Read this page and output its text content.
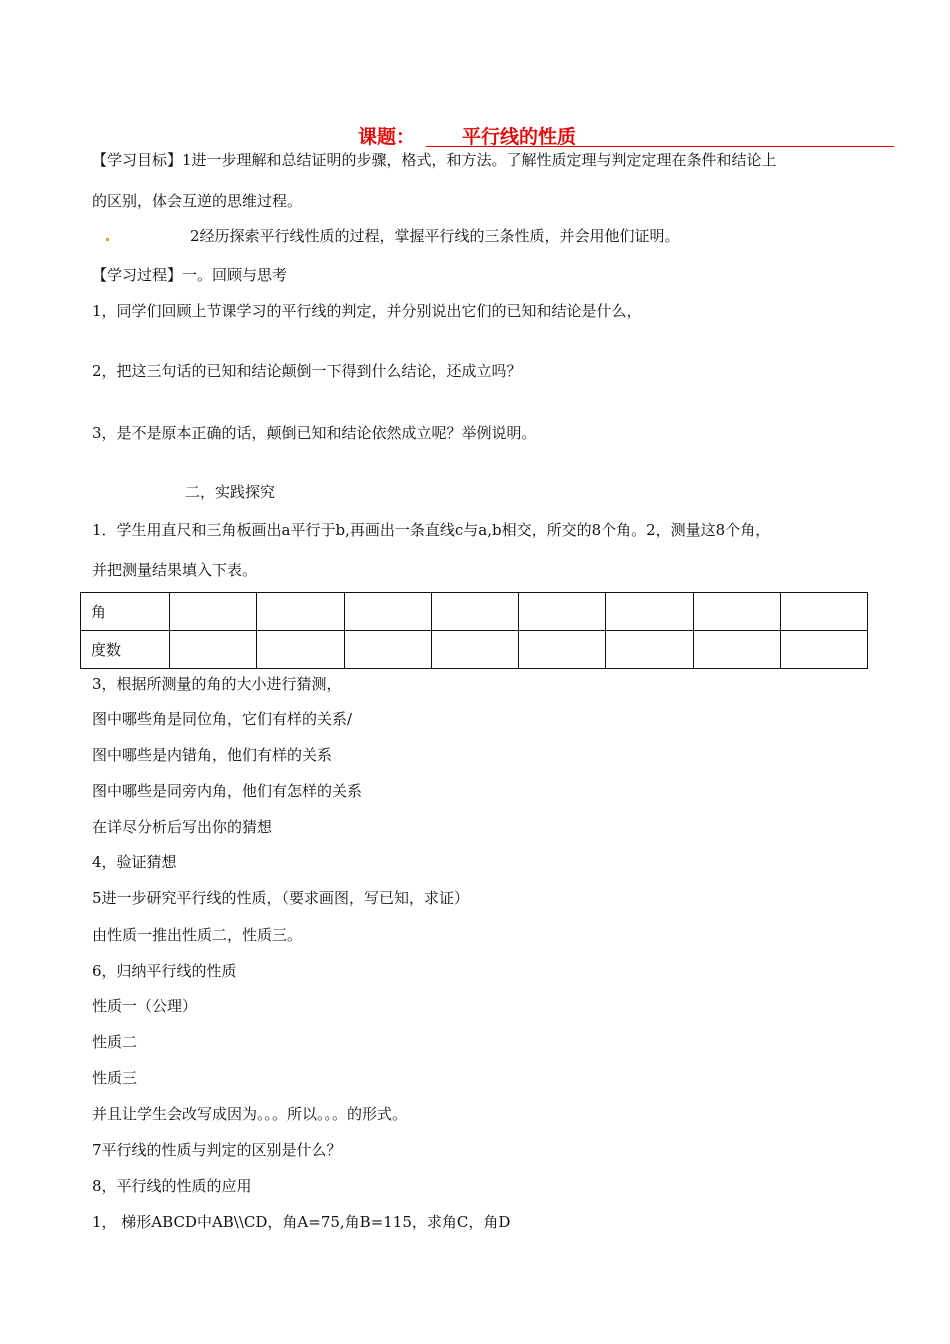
课题： 平行线的性质
【学习目标】1进一步理解和总结证明的步骤，格式，和方法。了解性质定理与判定定理在条件和结论上
的区别，体会互逆的思维过程。
2经历探索平行线性质的过程，掌握平行线的三条性质，并会用他们证明。
【学习过程】一。回顾与思考
1，同学们回顾上节课学习的平行线的判定，并分别说出它们的已知和结论是什么，
2，把这三句话的已知和结论颠倒一下得到什么结论，还成立吗？
3，是不是原本正确的话，颠倒已知和结论依然成立呢？举例说明。
二，实践探究
1．学生用直尺和三角板画出a平行于b,再画出一条直线c与a,b相交，所交的8个角。2，测量这8个角，
并把测量结果填入下表。
角								
度数								
3，根据所测量的角的大小进行猜测，
图中哪些角是同位角，它们有样的关系/
图中哪些是内错角，他们有样的关系
图中哪些是同旁内角，他们有怎样的关系
在详尽分析后写出你的猜想
4，验证猜想
5进一步研究平行线的性质，（要求画图，写已知，求证）
由性质一推出性质二，性质三。
6，归纳平行线的性质
性质一（公理）
性质二
性质三
并且让学生会改写成因为。。。所以。。。的形式。
7平行线的性质与判定的区别是什么？
8，平行线的性质的应用
1， 梯形ABCD中AB\\CD，角A=75,角B=115，求角C，角D
